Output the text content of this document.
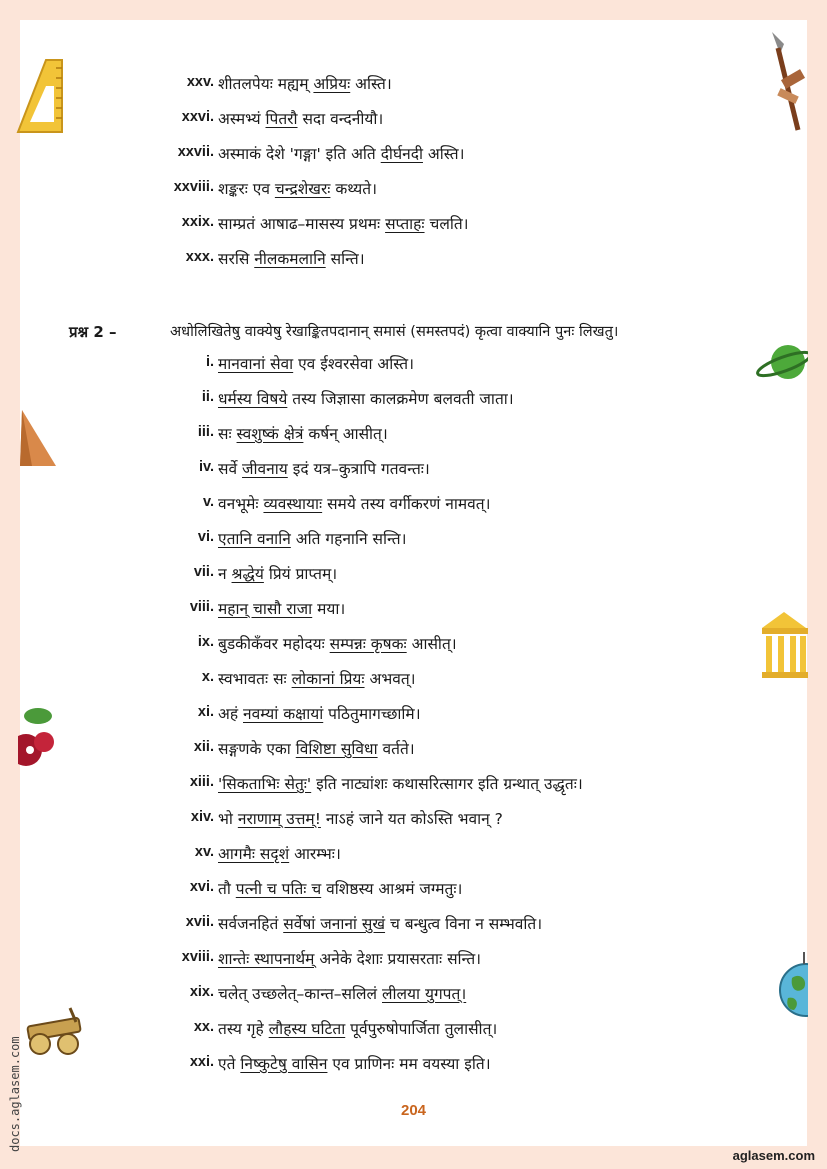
xxv. शीतलपेयः मह्यम् अप्रियः अस्ति।
xxvi. अस्मभ्यं पितरौ सदा वन्दनीयौ।
xxvii. अस्माकं देशे 'गङ्गा' इति अति दीर्घनदी अस्ति।
xxviii. शङ्करः एव चन्द्रशेखरः कथ्यते।
xxix. साम्प्रतं आषाढ–मासस्य प्रथमः सप्ताहः चलति।
xxx. सरसि नीलकमलानि सन्ति।
प्रश्न 2 –	अधोलिखितेषु वाक्येषु रेखाङ्कितपदानान् समासं (समस्तपदं) कृत्वा वाक्यानि पुनः लिखतु।
i. मानवानां सेवा एव ईश्वरसेवा अस्ति।
ii. धर्मस्य विषये तस्य जिज्ञासा कालक्रमेण बलवती जाता।
iii. सः स्वशुष्कं क्षेत्रं कर्षन् आसीत्।
iv. सर्वे जीवनाय इदं यत्र–कुत्रापि गतवन्तः।
v. वनभूमेः व्यवस्थायाः समये तस्य वर्गीकरणं नामवत्।
vi. एतानि वनानि अति गहनानि सन्ति।
vii. न श्रद्धेयं प्रियं प्राप्तम्।
viii. महान् चासौ राजा मया।
ix. बुडकीकँवर महोदयः सम्पन्नः कृषकः आसीत्।
x. स्वभावतः सः लोकानां प्रियः अभवत्।
xi. अहं नवम्यां कक्षायां पठितुमागच्छामि।
xii. सङ्गणके एका विशिष्टा सुविधा वर्तते।
xiii. 'सिकताभिः सेतुः' इति नाट्यांशः कथासरित्सागर इति ग्रन्थात् उद्धृतः।
xiv. भो नराणाम् उत्तम्! नाऽहं जाने यत कोऽस्ति भवान् ?
xv. आगमैः सदृशं आरम्भः।
xvi. तौ पत्नी च पतिः च वशिष्ठस्य आश्रमं जग्मतुः।
xvii. सर्वजनहितं सर्वेषां जनानां सुखं च बन्धुत्व विना न सम्भवति।
xviii. शान्तेः स्थापनार्थम् अनेके देशाः प्रयासरताः सन्ति।
xix. चलेत् उच्छलेत्–कान्त–सलिलं लीलया युगपत्।
xx. तस्य गृहे लौहस्य घटिता पूर्वपुरुषोपार्जिता तुलासीत्।
xxi. एते निष्कुटेषु वासिन एव प्राणिनः मम वयस्या इति।
204
docs.aglasem.com
aglasem.com
